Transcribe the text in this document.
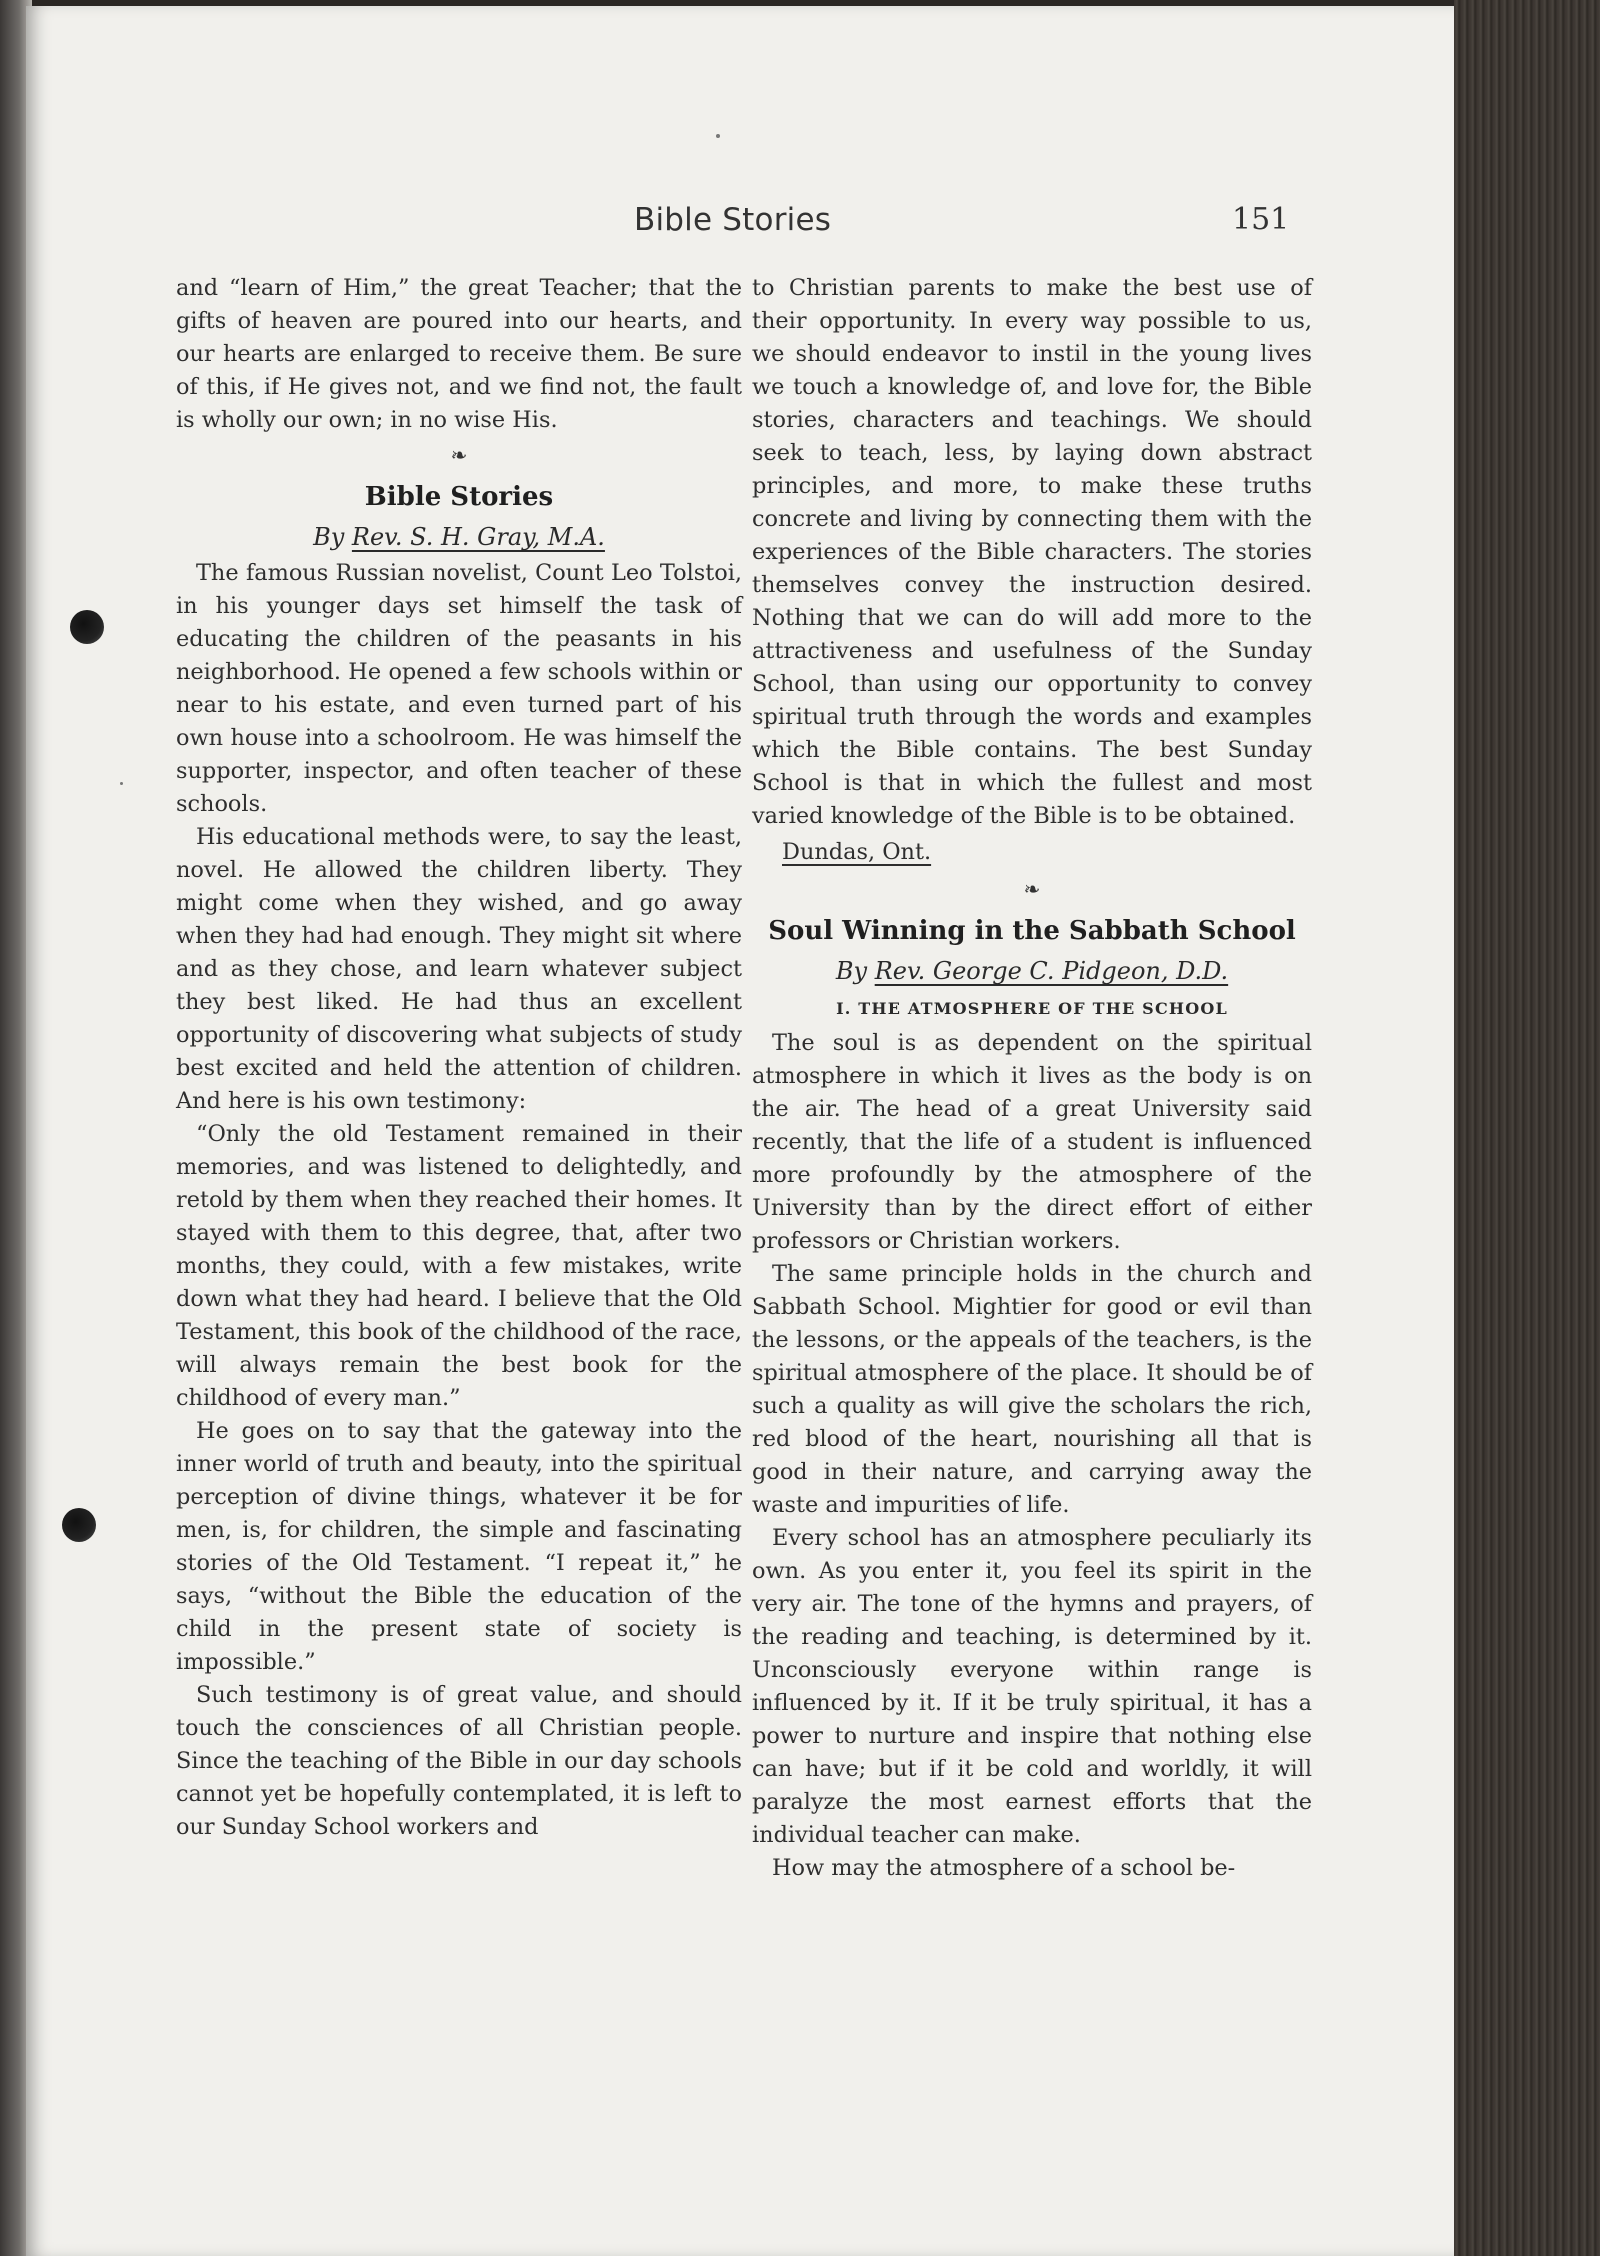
Bible Stories	151

and “learn of Him,” the great Teacher; that the gifts of heaven are poured into our hearts, and our hearts are enlarged to receive them. Be sure of this, if He gives not, and we find not, the fault is wholly our own; in no wise His.

❧
Bible Stories
By Rev. S. H. Gray, M.A.

The famous Russian novelist, Count Leo Tolstoi, in his younger days set himself the task of educating the children of the peasants in his neighborhood. He opened a few schools within or near to his estate, and even turned part of his own house into a schoolroom. He was himself the supporter, inspector, and often teacher of these schools.

His educational methods were, to say the least, novel. He allowed the children liberty. They might come when they wished, and go away when they had had enough. They might sit where and as they chose, and learn whatever subject they best liked. He had thus an excellent opportunity of discovering what subjects of study best excited and held the attention of children. And here is his own testimony:

“Only the old Testament remained in their memories, and was listened to delightedly, and retold by them when they reached their homes. It stayed with them to this degree, that, after two months, they could, with a few mistakes, write down what they had heard. I believe that the Old Testament, this book of the childhood of the race, will always remain the best book for the childhood of every man.”

He goes on to say that the gateway into the inner world of truth and beauty, into the spiritual perception of divine things, whatever it be for men, is, for children, the simple and fascinating stories of the Old Testament. “I repeat it,” he says, “without the Bible the education of the child in the present state of society is impossible.”

Such testimony is of great value, and should touch the consciences of all Christian people. Since the teaching of the Bible in our day schools cannot yet be hopefully contemplated, it is left to our Sunday School workers and

to Christian parents to make the best use of their opportunity. In every way possible to us, we should endeavor to instil in the young lives we touch a knowledge of, and love for, the Bible stories, characters and teachings. We should seek to teach, less, by laying down abstract principles, and more, to make these truths concrete and living by connecting them with the experiences of the Bible characters. The stories themselves convey the instruction desired. Nothing that we can do will add more to the attractiveness and usefulness of the Sunday School, than using our opportunity to convey spiritual truth through the words and examples which the Bible contains. The best Sunday School is that in which the fullest and most varied knowledge of the Bible is to be obtained.

Dundas, Ont.
❧
Soul Winning in the Sabbath School
By Rev. George C. Pidgeon, D.D.
I. THE ATMOSPHERE OF THE SCHOOL

The soul is as dependent on the spiritual atmosphere in which it lives as the body is on the air. The head of a great University said recently, that the life of a student is influenced more profoundly by the atmosphere of the University than by the direct effort of either professors or Christian workers.

The same principle holds in the church and Sabbath School. Mightier for good or evil than the lessons, or the appeals of the teachers, is the spiritual atmosphere of the place. It should be of such a quality as will give the scholars the rich, red blood of the heart, nourishing all that is good in their nature, and carrying away the waste and impurities of life.

Every school has an atmosphere peculiarly its own. As you enter it, you feel its spirit in the very air. The tone of the hymns and prayers, of the reading and teaching, is determined by it. Unconsciously everyone within range is influenced by it. If it be truly spiritual, it has a power to nurture and inspire that nothing else can have; but if it be cold and worldly, it will paralyze the most earnest efforts that the individual teacher can make.

How may the atmosphere of a school be-
